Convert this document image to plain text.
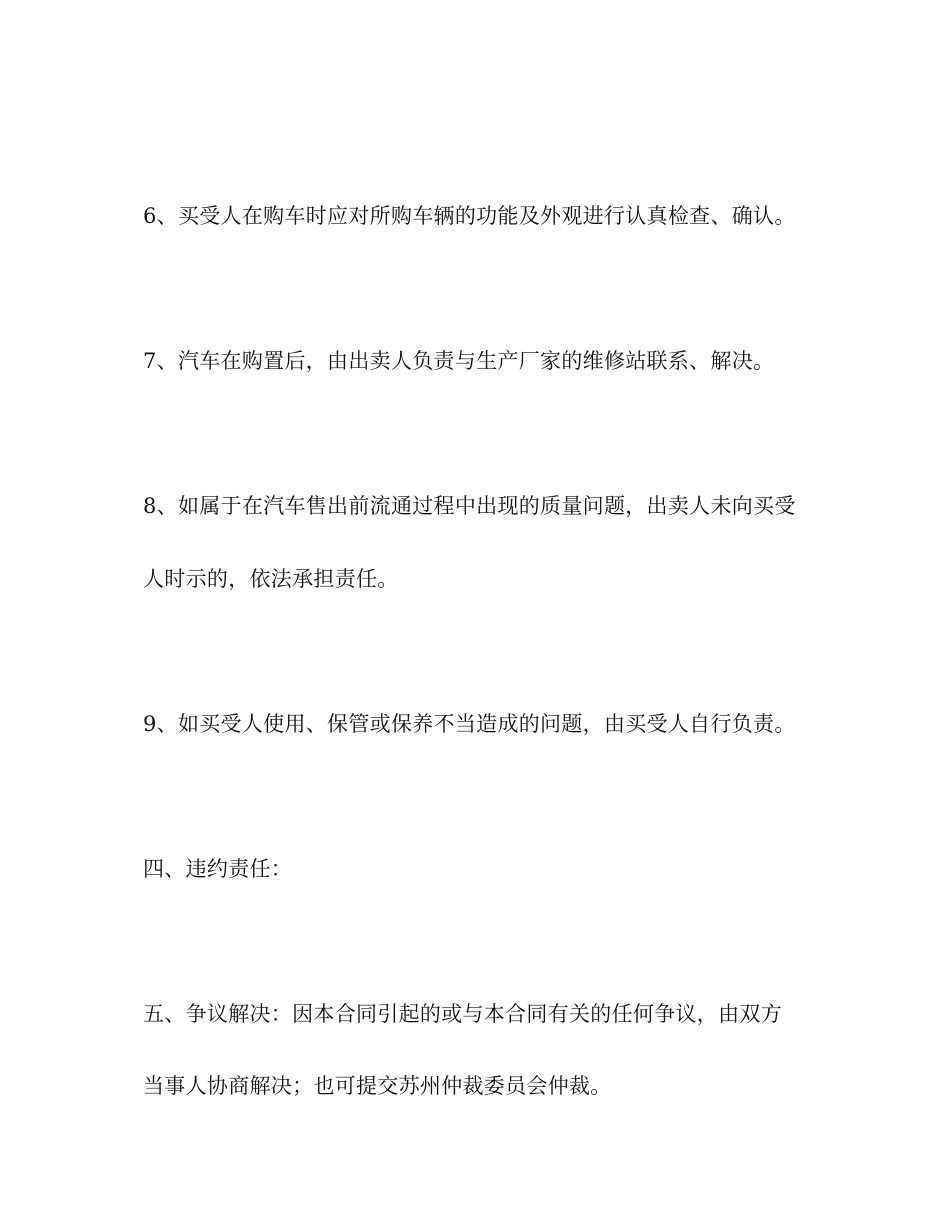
6、买受人在购车时应对所购车辆的功能及外观进行认真检查、确认。

7、汽车在购置后，由出卖人负责与生产厂家的维修站联系、解决。

8、如属于在汽车售出前流通过程中出现的质量问题，出卖人未向买受

人时示的，依法承担责任。

9、如买受人使用、保管或保养不当造成的问题，由买受人自行负责。

四、违约责任：

五、争议解决：因本合同引起的或与本合同有关的任何争议，由双方

当事人协商解决；也可提交苏州仲裁委员会仲裁。
